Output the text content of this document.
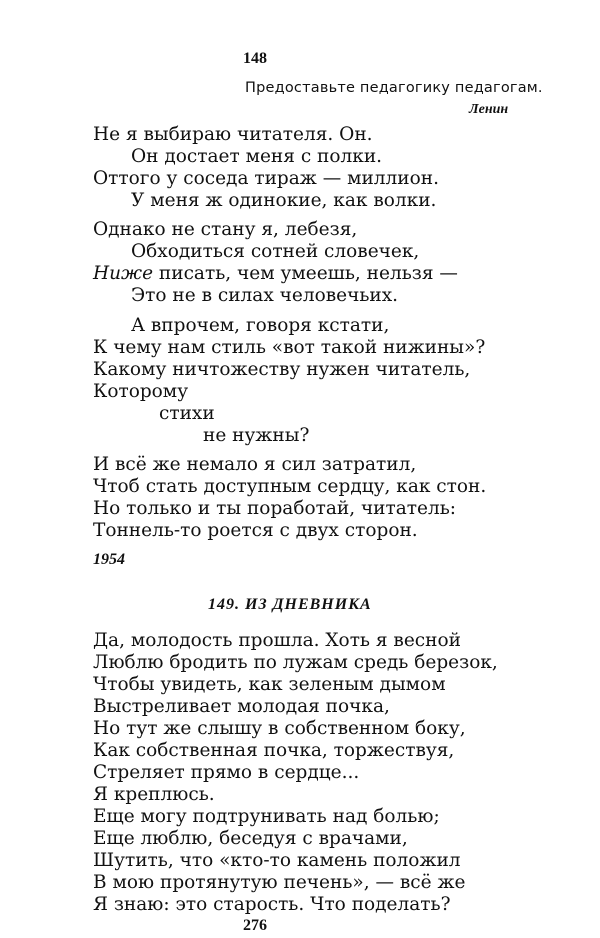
148
Предоставьте педагогику педагогам.
Ленин
Не я выбираю читателя. Он.
Он достает меня с полки.
Оттого у соседа тираж — миллион.
У меня ж одинокие, как волки.
Однако не стану я, лебезя,
Обходиться сотней словечек,
Ниже писать, чем умеешь, нельзя —
Это не в силах человечьих.
А впрочем, говоря кстати,
К чему нам стиль «вот такой нижины»?
Какому ничтожеству нужен читатель,
Которому
стихи
не нужны?
И всё же немало я сил затратил,
Чтоб стать доступным сердцу, как стон.
Но только и ты поработай, читатель:
Тоннель-то роется с двух сторон.
1954
149. ИЗ ДНЕВНИКА
Да, молодость прошла. Хоть я весной
Люблю бродить по лужам средь березок,
Чтобы увидеть, как зеленым дымом
Выстреливает молодая почка,
Но тут же слышу в собственном боку,
Как собственная почка, торжествуя,
Стреляет прямо в сердце...
Я креплюсь.
Еще могу подтрунивать над болью;
Еще люблю, беседуя с врачами,
Шутить, что «кто-то камень положил
В мою протянутую печень», — всё же
Я знаю: это старость. Что поделать?
276
